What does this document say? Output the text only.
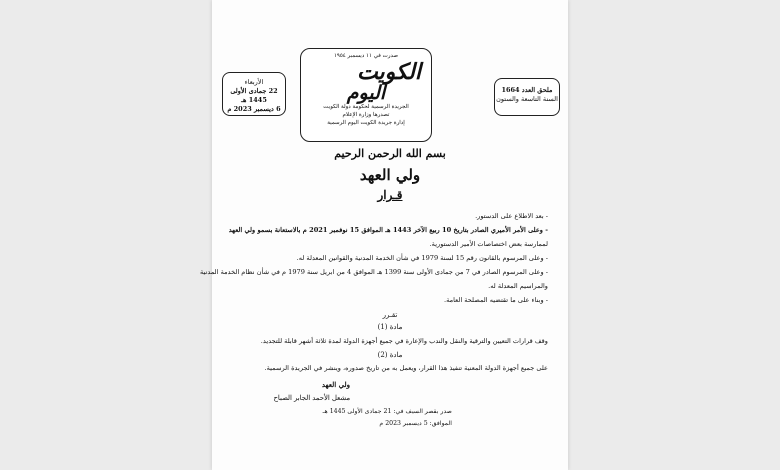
الأربعاء
22 جمادى الأولى 1445 هـ
6 ديسمبر 2023 م
ملحق العدد 1664
السنة التاسعة والستون
صدرت في ١١ ديسمبر ١٩٥٤
الكويت
اليوم
الجريدة الرسمية لحكومة دولة الكويت
تصدرها وزارة الإعلام
إدارة جريدة الكويت اليوم الرسمية
بسم الله الرحمن الرحيم
ولي العهد
قـرار
- بعد الاطلاع على الدستور.
- وعلى الأمر الأميري الصادر بتاريخ 10 ربيع الآخر 1443 هـ الموافق 15 نوفمبر 2021 م بالاستعانة بسمو ولي العهد
لممارسة بعض اختصاصات الأمير الدستورية.
- وعلى المرسوم بالقانون رقم 15 لسنة 1979 في شأن الخدمة المدنية والقوانين المعدلة له.
- وعلى المرسوم الصادر في 7 من جمادى الأولى سنة 1399 هـ الموافق 4 من ابريل سنة 1979 م في شأن نظام الخدمة المدنية
والمراسيم المعدلة له.
- وبناء على ما تقتضيه المصلحة العامة.
تقـرر
مادة (1)
وقف قرارات التعيين والترقية والنقل والندب والإعارة في جميع أجهزة الدولة لمدة ثلاثة أشهر قابلة للتجديد.
مادة (2)
على جميع أجهزة الدولة المعنية تنفيذ هذا القرار، ويعمل به من تاريخ صدوره، وينشر في الجريدة الرسمية.
ولي العهد
مشعل الأحمد الجابر الصباح
صدر بقصر السيف في: 21 جمادى الأولى 1445 هـ
الموافق: 5 ديسمبر 2023 م
